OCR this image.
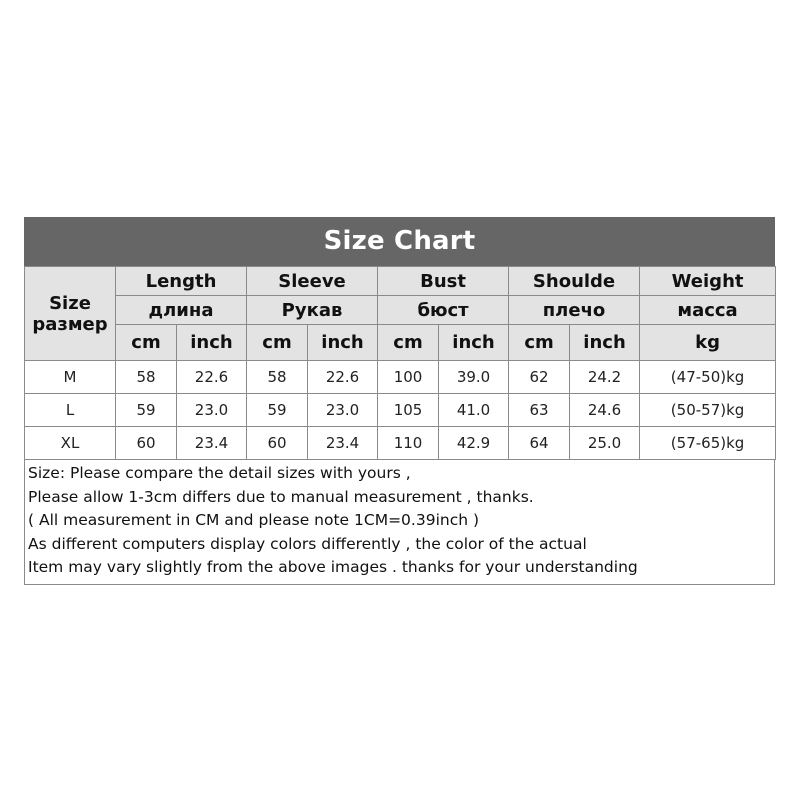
Size Chart
Size
размер	Length		Sleeve		Bust		Shoulde		Weight
	длина		Рукав		бюст		плечо		масса
	cm	inch	cm	inch	cm	inch	cm	inch	kg
M	58	22.6	58	22.6	100	39.0	62	24.2	(47-50)kg
L	59	23.0	59	23.0	105	41.0	63	24.6	(50-57)kg
XL	60	23.4	60	23.4	110	42.9	64	25.0	(57-65)kg
Size: Please compare the detail sizes with yours ,
Please allow 1-3cm differs due to manual measurement , thanks.
( All measurement in CM and please note 1CM=0.39inch )
As different computers display colors differently , the color of the actual
Item may vary slightly from the above images . thanks for your understanding
